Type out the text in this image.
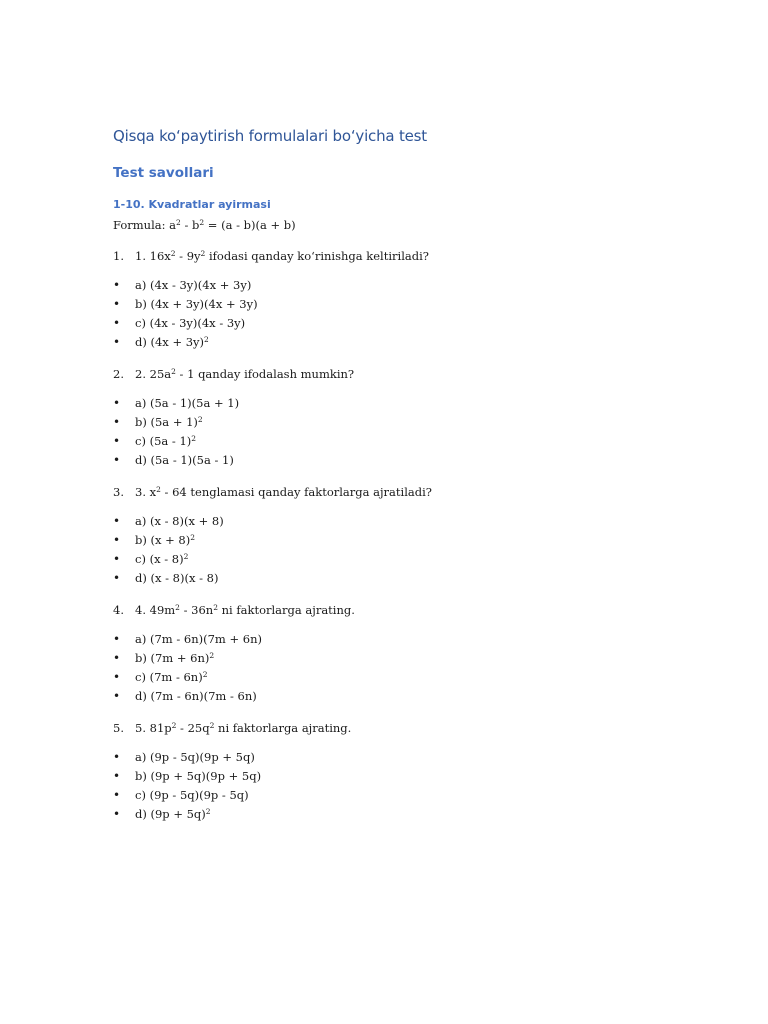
Qisqa ko‘paytirish formulalari bo‘yicha test
Test savollari
1-10. Kvadratlar ayirmasi

Formula: $a^2 - b^2 = (a - b)(a + b)$

1. 1. $16x^2 - 9y^2$ ifodasi qanday ko‘rinishga keltiriladi?
•	a) (4x - 3y)(4x + 3y)
•	b) (4x + 3y)(4x + 3y)
•	c) (4x - 3y)(4x - 3y)
•	d) $(4x + 3y)^2$
2. 2. $25a^2 - 1$ qanday ifodalash mumkin?
•	a) (5a - 1)(5a + 1)
•	b) $(5a + 1)^2$
•	c) (5a - 1)$^2$
•	d) (5a - 1)(5a - 1)
3. 3. $x^2 - 64$ tenglamasi qanday faktorlarga ajratiladi?
•	a) (x - 8)(x + 8)
•	b) $(x + 8)^2$
•	c) (x - 8)$^2$
•	d) (x - 8)(x - 8)
4. 4. $49m^2 - 36n^2$ ni faktorlarga ajrating.
•	a) (7m - 6n)(7m + 6n)
•	b) $(7m + 6n)^2$
•	c) (7m - 6n)$^2$
•	d) (7m - 6n)(7m - 6n)
5. 5. $81p^2 - 25q^2$ ni faktorlarga ajrating.
•	a) (9p - 5q)(9p + 5q)
•	b) (9p + 5q)(9p + 5q)
•	c) (9p - 5q)(9p - 5q)
•	d) $(9p + 5q)^2$
